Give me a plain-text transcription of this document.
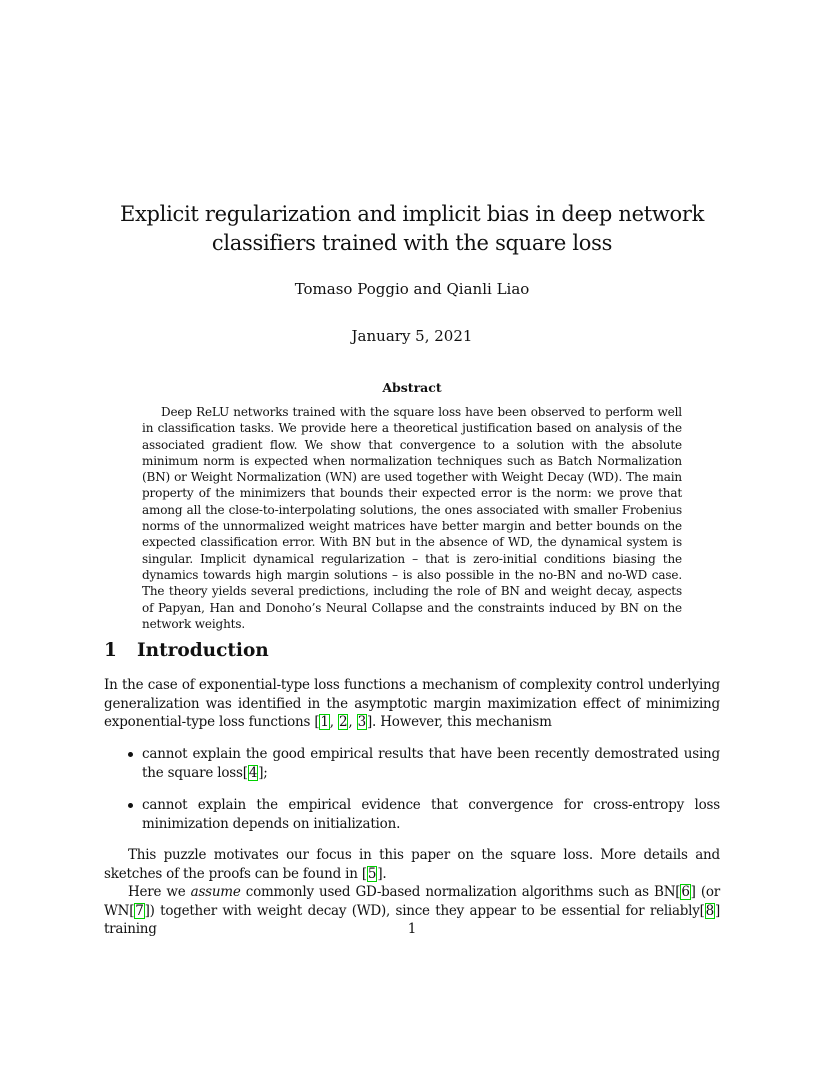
Explicit regularization and implicit bias in deep network
classifiers trained with the square loss
Tomaso Poggio and Qianli Liao
January 5, 2021
Abstract
Deep ReLU networks trained with the square loss have been observed to perform well in classification tasks. We provide here a theoretical justification based on analysis of the associated gradient flow. We show that convergence to a solution with the absolute minimum norm is expected when normalization techniques such as Batch Normalization (BN) or Weight Normalization (WN) are used together with Weight Decay (WD). The main property of the minimizers that bounds their expected error is the norm: we prove that among all the close-to-interpolating solutions, the ones associated with smaller Frobenius norms of the unnormalized weight matrices have better margin and better bounds on the expected classification error. With BN but in the absence of WD, the dynamical system is singular. Implicit dynamical regularization – that is zero-initial conditions biasing the dynamics towards high margin solutions – is also possible in the no-BN and no-WD case. The theory yields several predictions, including the role of BN and weight decay, aspects of Papyan, Han and Donoho’s Neural Collapse and the constraints induced by BN on the network weights.
1 Introduction
In the case of exponential-type loss functions a mechanism of complexity control underlying generalization was identified in the asymptotic margin maximization effect of minimizing exponential-type loss functions [1, 2, 3]. However, this mechanism
cannot explain the good empirical results that have been recently demostrated using the square loss[4];
cannot explain the empirical evidence that convergence for cross-entropy loss minimization depends on initialization.
This puzzle motivates our focus in this paper on the square loss. More details and sketches of the proofs can be found in [5].
Here we assume commonly used GD-based normalization algorithms such as BN[6] (or WN[7]) together with weight decay (WD), since they appear to be essential for reliably[8] training	1
